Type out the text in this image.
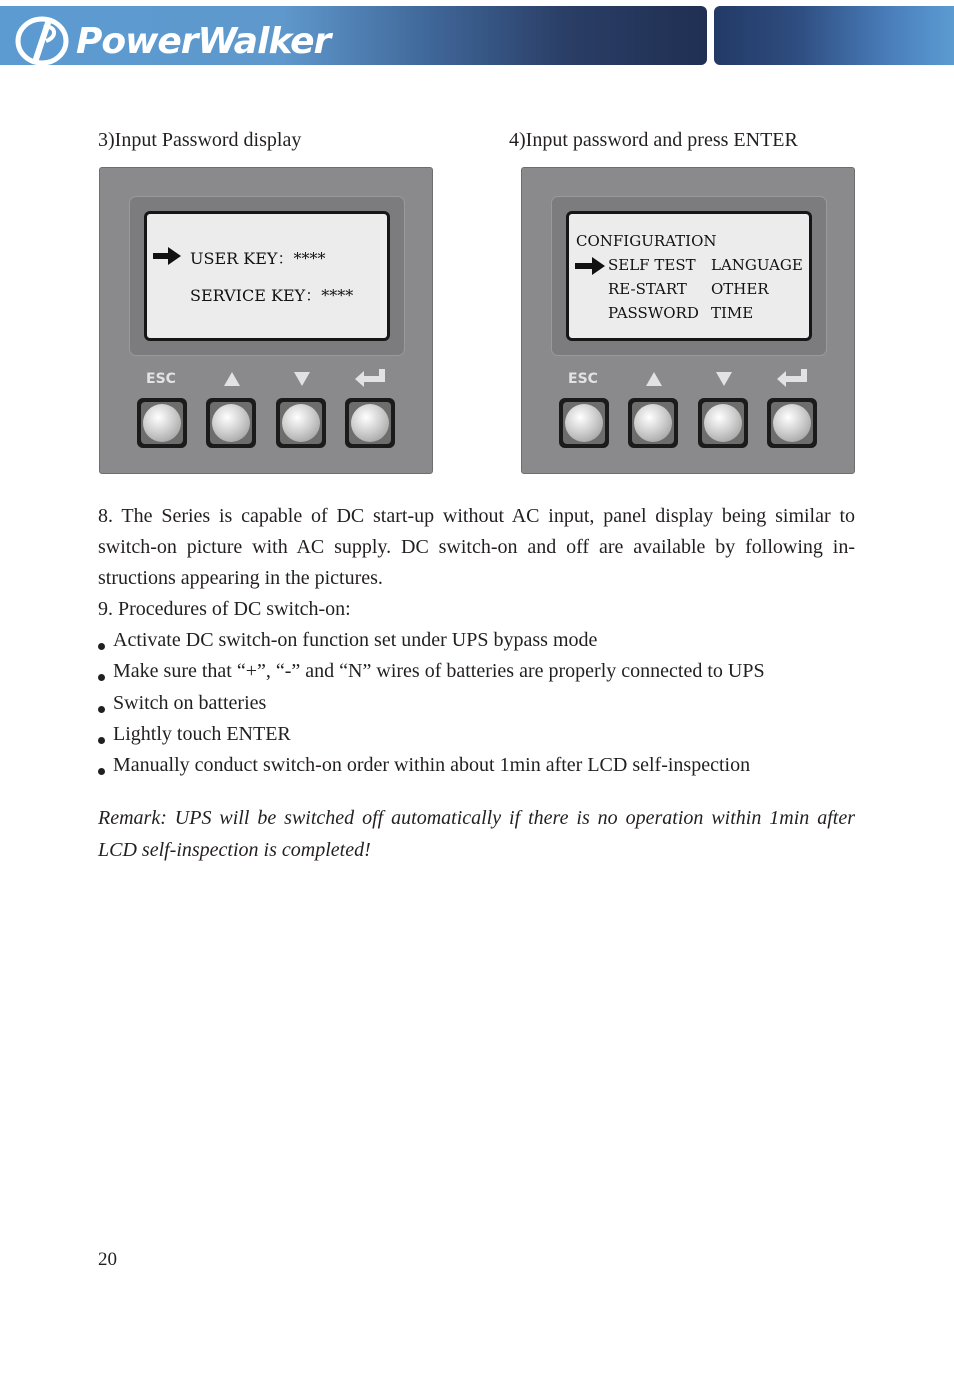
PowerWalker
3)Input Password display	4)Input password and press ENTER
USER KEY：****
SERVICE KEY：****
ESC
CONFIGURATION
SELF TEST LANGUAGE
RE-START OTHER
PASSWORD TIME
ESC
8. The Series is capable of DC start-up without AC input, panel display being similar to switch-on picture with AC supply. DC switch-on and off are available by following in-structions appearing in the pictures.
9. Procedures of DC switch-on:
Activate DC switch-on function set under UPS bypass mode
Make sure that “+”, “-” and “N” wires of batteries are properly connected to UPS
Switch on batteries
Lightly touch ENTER
Manually conduct switch-on order within about 1min after LCD self-inspection
Remark: UPS will be switched off automatically if there is no operation within 1min after LCD self-inspection is completed!
20
